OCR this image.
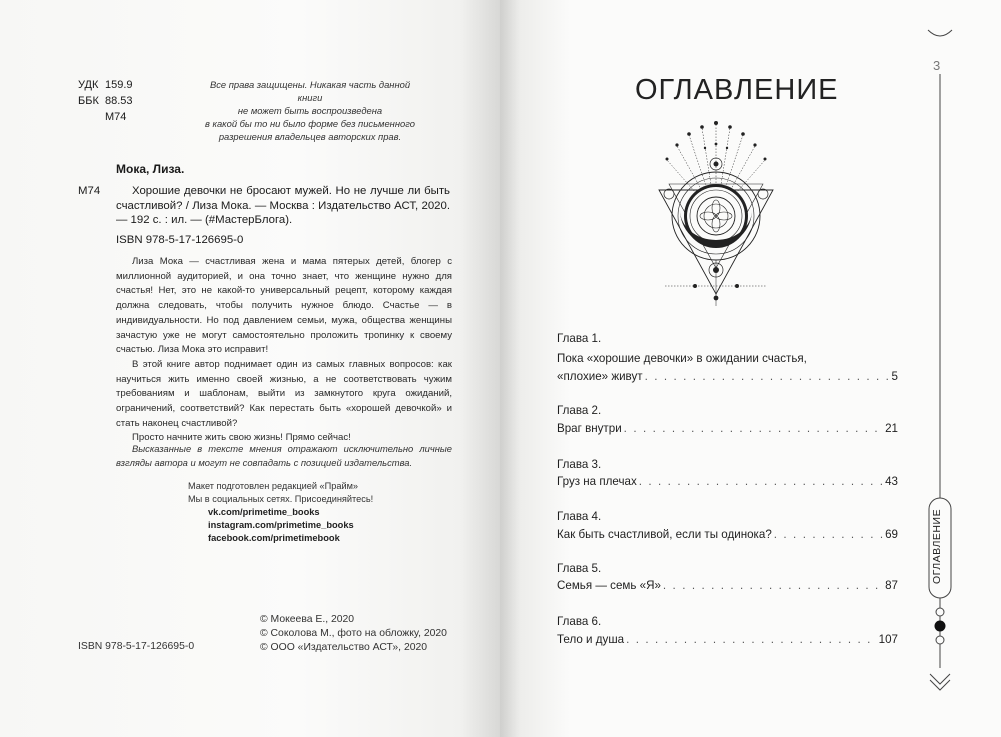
УДК 159.9
ББК 88.53
М74
Все права защищены. Никакая часть данной книги
не может быть воспроизведена
в какой бы то ни было форме без письменного
разрешения владельцев авторских прав.
Мока, Лиза.
М74	Хорошие девочки не бросают мужей. Но не лучше ли быть счастливой? / Лиза Мока. — Москва : Издательство АСТ, 2020. — 192 с. : ил. — (#МастерБлога).
ISBN 978-5-17-126695-0

Лиза Мока — счастливая жена и мама пятерых детей, блогер с миллионной аудиторией, и она точно знает, что женщине нужно для счастья! Нет, это не какой-то универсальный рецепт, которому каждая должна следовать, чтобы получить нужное блюдо. Счастье — в индивидуальности. Но под давлением семьи, мужа, общества женщины зачастую уже не могут самостоятельно проложить тропинку к своему счастью. Лиза Мока это исправит!

В этой книге автор поднимает один из самых главных вопросов: как научиться жить именно своей жизнью, а не соответствовать чужим требованиям и шаблонам, выйти из замкнутого круга ожиданий, ограничений, соответствий? Как перестать быть «хорошей девочкой» и стать наконец счастливой?

Просто начните жить свою жизнь! Прямо сейчас!

Высказанные в тексте мнения отражают исключительно личные взгляды автора и могут не совпадать с позицией издательства.
Макет подготовлен редакцией «Прайм»
Мы в социальных сетях. Присоединяйтесь!
vk.com/primetime_books
instagram.com/primetime_books
facebook.com/primetimebook
© Мокеева Е., 2020
© Соколова М., фото на обложку, 2020
© ООО «Издательство АСТ», 2020
ISBN 978-5-17-126695-0
ОГЛАВЛЕНИЕ
Глава 1.
Пока «хорошие девочки» в ожидании счастья,
«плохие» живут . . .	5
Глава 2.
Враг внутри . . .	21
Глава 3.
Груз на плечах . . .	43
Глава 4.
Как быть счастливой, если ты одинока? . . .	69
Глава 5.
Семья — семь «Я» . . .	87
Глава 6.
Тело и душа . . .	107
3
ОГЛАВЛЕНИЕ
